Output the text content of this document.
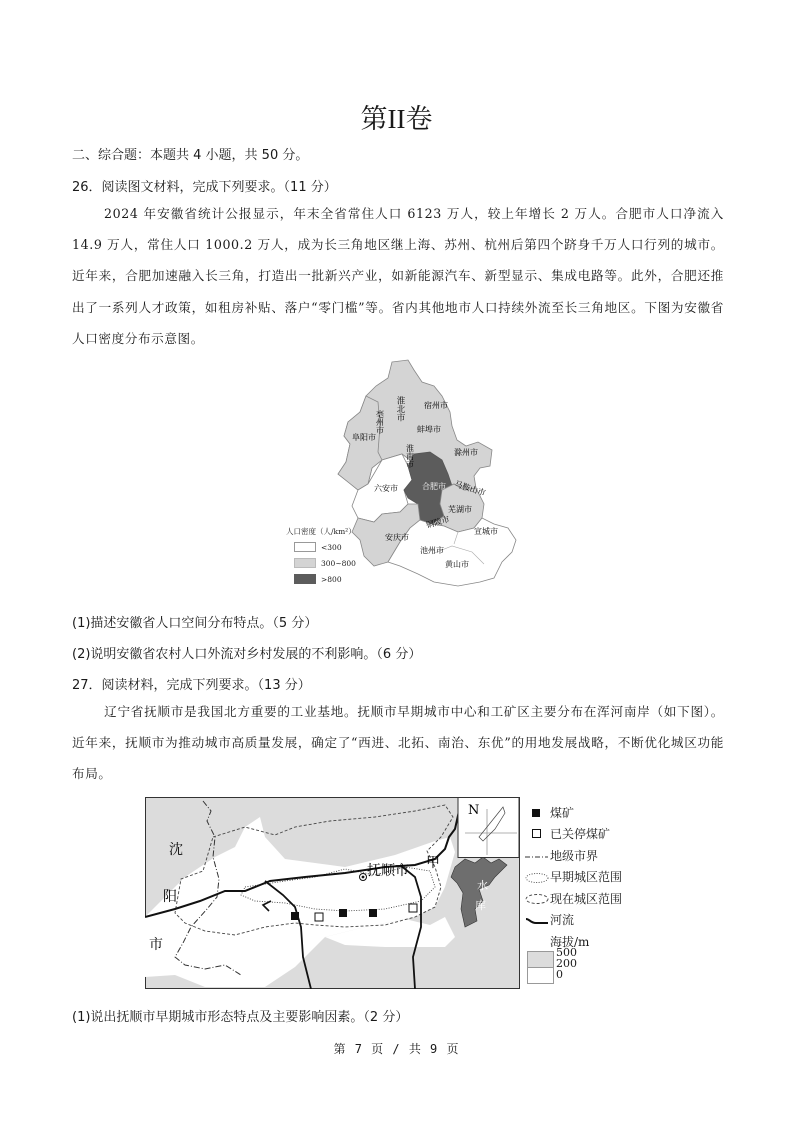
第II卷
二、综合题：本题共 4 小题，共 50 分。
26．阅读图文材料，完成下列要求。（11 分）
2024 年安徽省统计公报显示，年末全省常住人口 6123 万人，较上年增长 2 万人。合肥市人口净流入 14.9 万人，常住人口 1000.2 万人，成为长三角地区继上海、苏州、杭州后第四个跻身千万人口行列的城市。近年来，合肥加速融入长三角，打造出一批新兴产业，如新能源汽车、新型显示、集成电路等。此外，合肥还推出了一系列人才政策，如租房补贴、落户“零门槛”等。省内其他地市人口持续外流至长三角地区。下图为安徽省人口密度分布示意图。
淮北市 宿州市
亳州市
阜阳市
蚌埠市
淮南市	滁州市
六安市	合肥市 马鞍山市
芜湖市
铜陵市
安庆市
宣城市
池州市
黄山市
人口密度（人/km²）
<300
300~800
>800
(1)描述安徽省人口空间分布特点。（5 分）
(2)说明安徽省农村人口外流对乡村发展的不利影响。（6 分）
27．阅读材料，完成下列要求。（13 分）
辽宁省抚顺市是我国北方重要的工业基地。抚顺市早期城市中心和工矿区主要分布在浑河南岸（如下图）。近年来，抚顺市为推动城市高质量发展，确定了“西进、北拓、南治、东优”的用地发展战略，不断优化城区功能布局。
N
沈
阳
市
抚顺市 甲
水
库
煤矿
已关停煤矿
地级市界
早期城区范围
现在城区范围
河流
海拔/m
500
200
0
(1)说出抚顺市早期城市形态特点及主要影响因素。（2 分）
第 7 页 / 共 9 页
